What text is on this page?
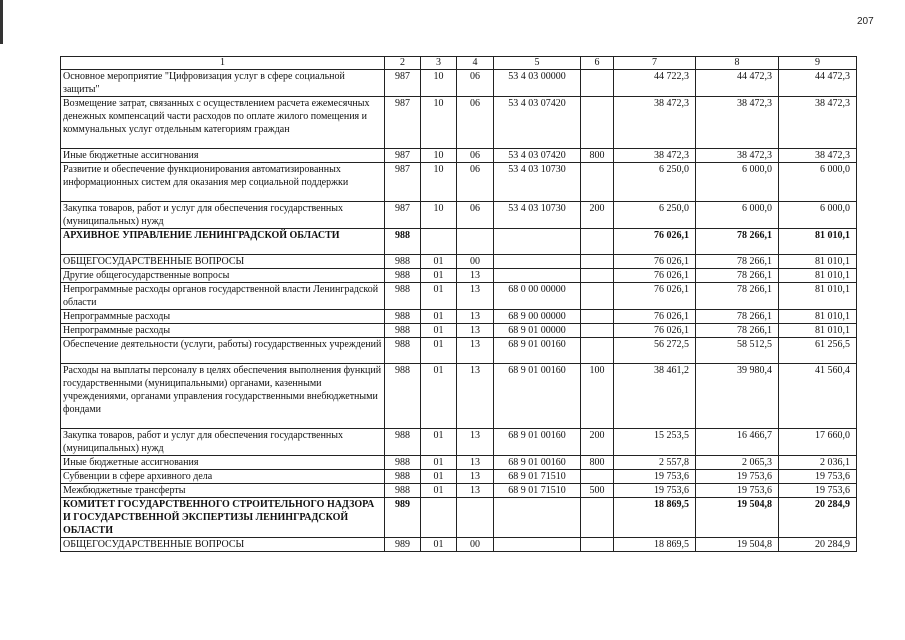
207
1	2	3	4	5	6	7	8	9
Основное мероприятие "Цифровизация услуг в сфере социальной защиты"	987	10	06	53 4 03 00000		44 722,3	44 472,3	44 472,3
Возмещение затрат, связанных с осуществлением расчета ежемесячных денежных компенсаций части расходов по оплате жилого помещения и коммунальных услуг отдельным категориям граждан	987	10	06	53 4 03 07420		38 472,3	38 472,3	38 472,3
Иные бюджетные ассигнования	987	10	06	53 4 03 07420	800	38 472,3	38 472,3	38 472,3
Развитие и обеспечение функционирования автоматизированных информационных систем для оказания мер социальной поддержки	987	10	06	53 4 03 10730		6 250,0	6 000,0	6 000,0
Закупка товаров, работ и услуг для обеспечения государственных (муниципальных) нужд	987	10	06	53 4 03 10730	200	6 250,0	6 000,0	6 000,0
АРХИВНОЕ УПРАВЛЕНИЕ ЛЕНИНГРАДСКОЙ ОБЛАСТИ	988					76 026,1	78 266,1	81 010,1
ОБЩЕГОСУДАРСТВЕННЫЕ ВОПРОСЫ	988	01	00			76 026,1	78 266,1	81 010,1
Другие общегосударственные вопросы	988	01	13			76 026,1	78 266,1	81 010,1
Непрограммные расходы органов государственной власти Ленинградской области	988	01	13	68 0 00 00000		76 026,1	78 266,1	81 010,1
Непрограммные расходы	988	01	13	68 9 00 00000		76 026,1	78 266,1	81 010,1
Непрограммные расходы	988	01	13	68 9 01 00000		76 026,1	78 266,1	81 010,1
Обеспечение деятельности (услуги, работы) государственных учреждений	988	01	13	68 9 01 00160		56 272,5	58 512,5	61 256,5
Расходы на выплаты персоналу в целях обеспечения выполнения функций государственными (муниципальными) органами, казенными учреждениями, органами управления государственными внебюджетными фондами	988	01	13	68 9 01 00160	100	38 461,2	39 980,4	41 560,4
Закупка товаров, работ и услуг для обеспечения государственных (муниципальных) нужд	988	01	13	68 9 01 00160	200	15 253,5	16 466,7	17 660,0
Иные бюджетные ассигнования	988	01	13	68 9 01 00160	800	2 557,8	2 065,3	2 036,1
Субвенции в сфере архивного дела	988	01	13	68 9 01 71510		19 753,6	19 753,6	19 753,6
Межбюджетные трансферты	988	01	13	68 9 01 71510	500	19 753,6	19 753,6	19 753,6
КОМИТЕТ ГОСУДАРСТВЕННОГО СТРОИТЕЛЬНОГО НАДЗОРА И ГОСУДАРСТВЕННОЙ ЭКСПЕРТИЗЫ ЛЕНИНГРАДСКОЙ ОБЛАСТИ	989					18 869,5	19 504,8	20 284,9
ОБЩЕГОСУДАРСТВЕННЫЕ ВОПРОСЫ	989	01	00			18 869,5	19 504,8	20 284,9
